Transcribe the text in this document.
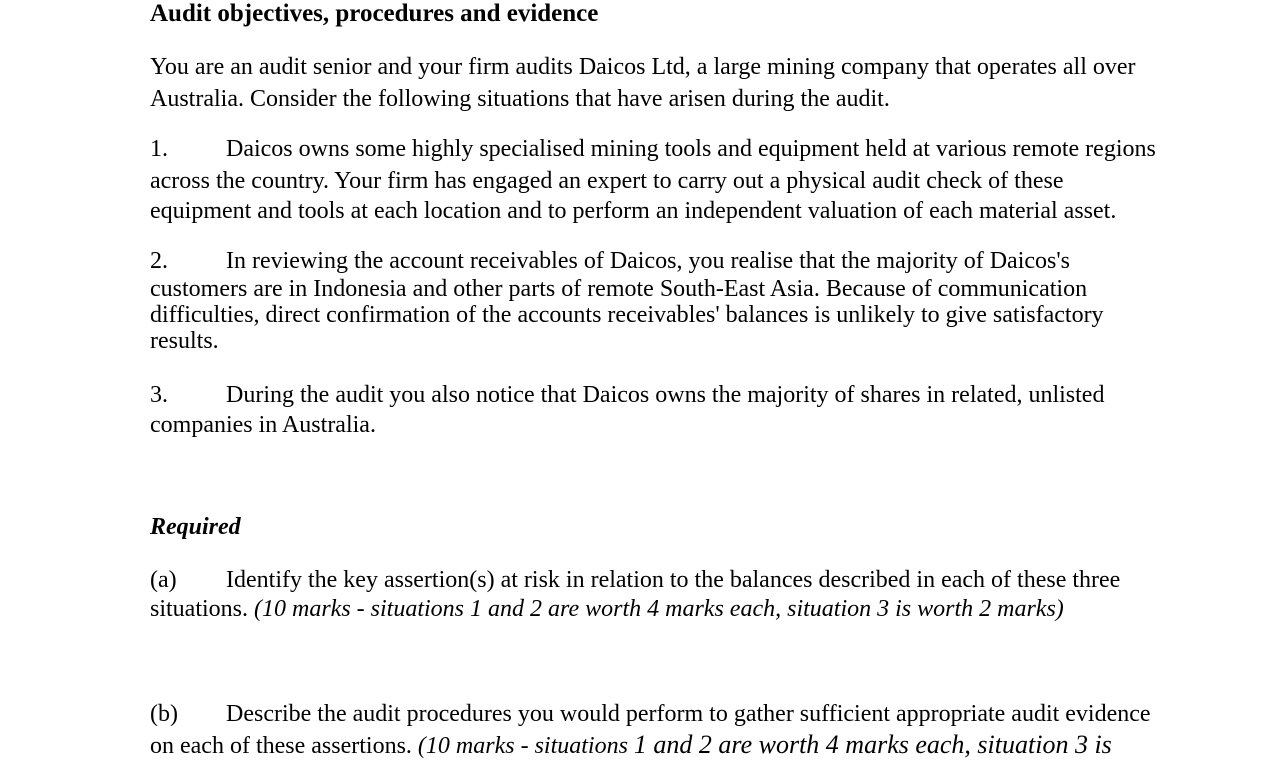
Audit objectives, procedures and evidence
You are an audit senior and your firm audits Daicos Ltd, a large mining company that operates all over
Australia. Consider the following situations that have arisen during the audit.
1. Daicos owns some highly specialised mining tools and equipment held at various remote regions
across the country. Your firm has engaged an expert to carry out a physical audit check of these
equipment and tools at each location and to perform an independent valuation of each material asset.
2. In reviewing the account receivables of Daicos, you realise that the majority of Daicos's
customers are in Indonesia and other parts of remote South-East Asia. Because of communication
difficulties, direct confirmation of the accounts receivables' balances is unlikely to give satisfactory
results.
3. During the audit you also notice that Daicos owns the majority of shares in related, unlisted
companies in Australia.
Required
(a) Identify the key assertion(s) at risk in relation to the balances described in each of these three
situations. (10 marks - situations 1 and 2 are worth 4 marks each, situation 3 is worth 2 marks)
(b) Describe the audit procedures you would perform to gather sufficient appropriate audit evidence
on each of these assertions. (10 marks - situations 1 and 2 are worth 4 marks each, situation 3 is
